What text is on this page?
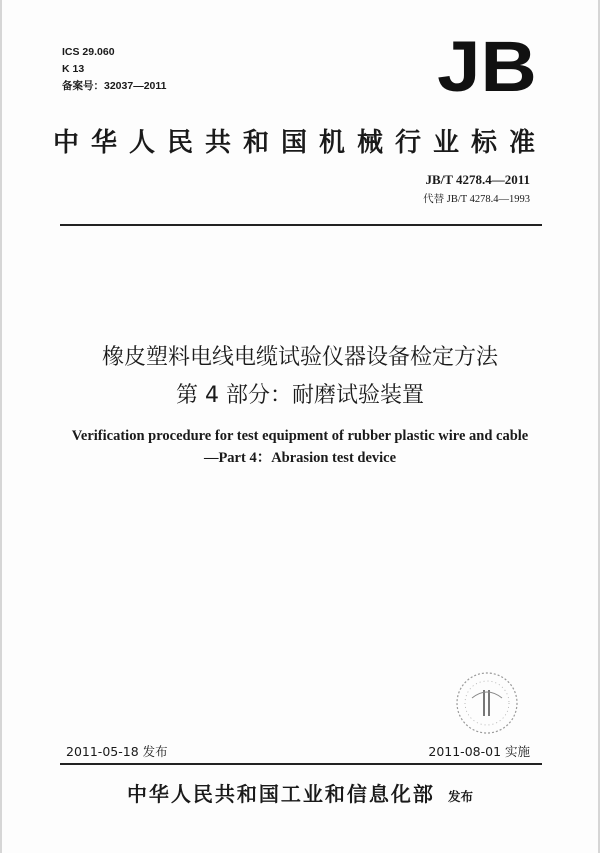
ICS 29.060
K 13
备案号：32037—2011	JB
中华人民共和国机械行业标准
JB/T 4278.4—2011
代替 JB/T 4278.4—1993
橡皮塑料电线电缆试验仪器设备检定方法
第 4 部分：耐磨试验装置
Verification procedure for test equipment of rubber plastic wire and cable
—Part 4：Abrasion test device
2011-05-18 发布	2011-08-01 实施
中华人民共和国工业和信息化部 发布
